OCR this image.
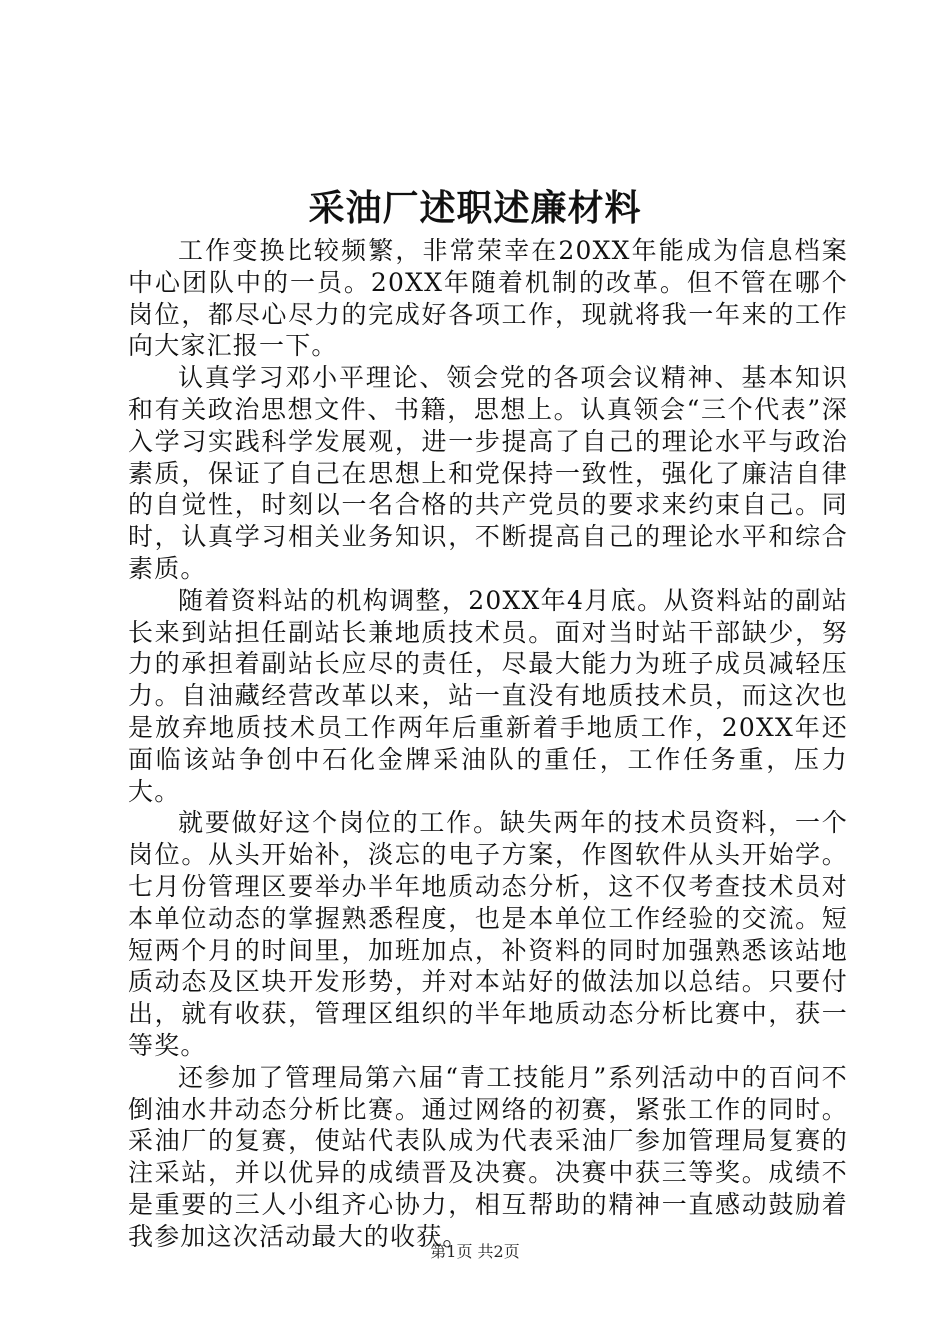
采油厂述职述廉材料

工作变换比较频繁，非常荣幸在20XX年能成为信息档案中心团队中的一员。20XX年随着机制的改革。但不管在哪个岗位，都尽心尽力的完成好各项工作，现就将我一年来的工作向大家汇报一下。

认真学习邓小平理论、领会党的各项会议精神、基本知识和有关政治思想文件、书籍，思想上。认真领会“三个代表”深入学习实践科学发展观，进一步提高了自己的理论水平与政治素质，保证了自己在思想上和党保持一致性，强化了廉洁自律的自觉性，时刻以一名合格的共产党员的要求来约束自己。同时，认真学习相关业务知识，不断提高自己的理论水平和综合素质。

随着资料站的机构调整，20XX年4月底。从资料站的副站长来到站担任副站长兼地质技术员。面对当时站干部缺少，努力的承担着副站长应尽的责任，尽最大能力为班子成员减轻压力。自油藏经营改革以来，站一直没有地质技术员，而这次也是放弃地质技术员工作两年后重新着手地质工作，20XX年还面临该站争创中石化金牌采油队的重任，工作任务重，压力大。

就要做好这个岗位的工作。缺失两年的技术员资料，一个岗位。从头开始补，淡忘的电子方案，作图软件从头开始学。七月份管理区要举办半年地质动态分析，这不仅考查技术员对本单位动态的掌握熟悉程度，也是本单位工作经验的交流。短短两个月的时间里，加班加点，补资料的同时加强熟悉该站地质动态及区块开发形势，并对本站好的做法加以总结。只要付出，就有收获，管理区组织的半年地质动态分析比赛中，获一等奖。

还参加了管理局第六届“青工技能月”系列活动中的百问不倒油水井动态分析比赛。通过网络的初赛，紧张工作的同时。采油厂的复赛，使站代表队成为代表采油厂参加管理局复赛的注采站，并以优异的成绩晋及决赛。决赛中获三等奖。成绩不是重要的三人小组齐心协力，相互帮助的精神一直感动鼓励着我参加这次活动最大的收获。

第1页 共2页
